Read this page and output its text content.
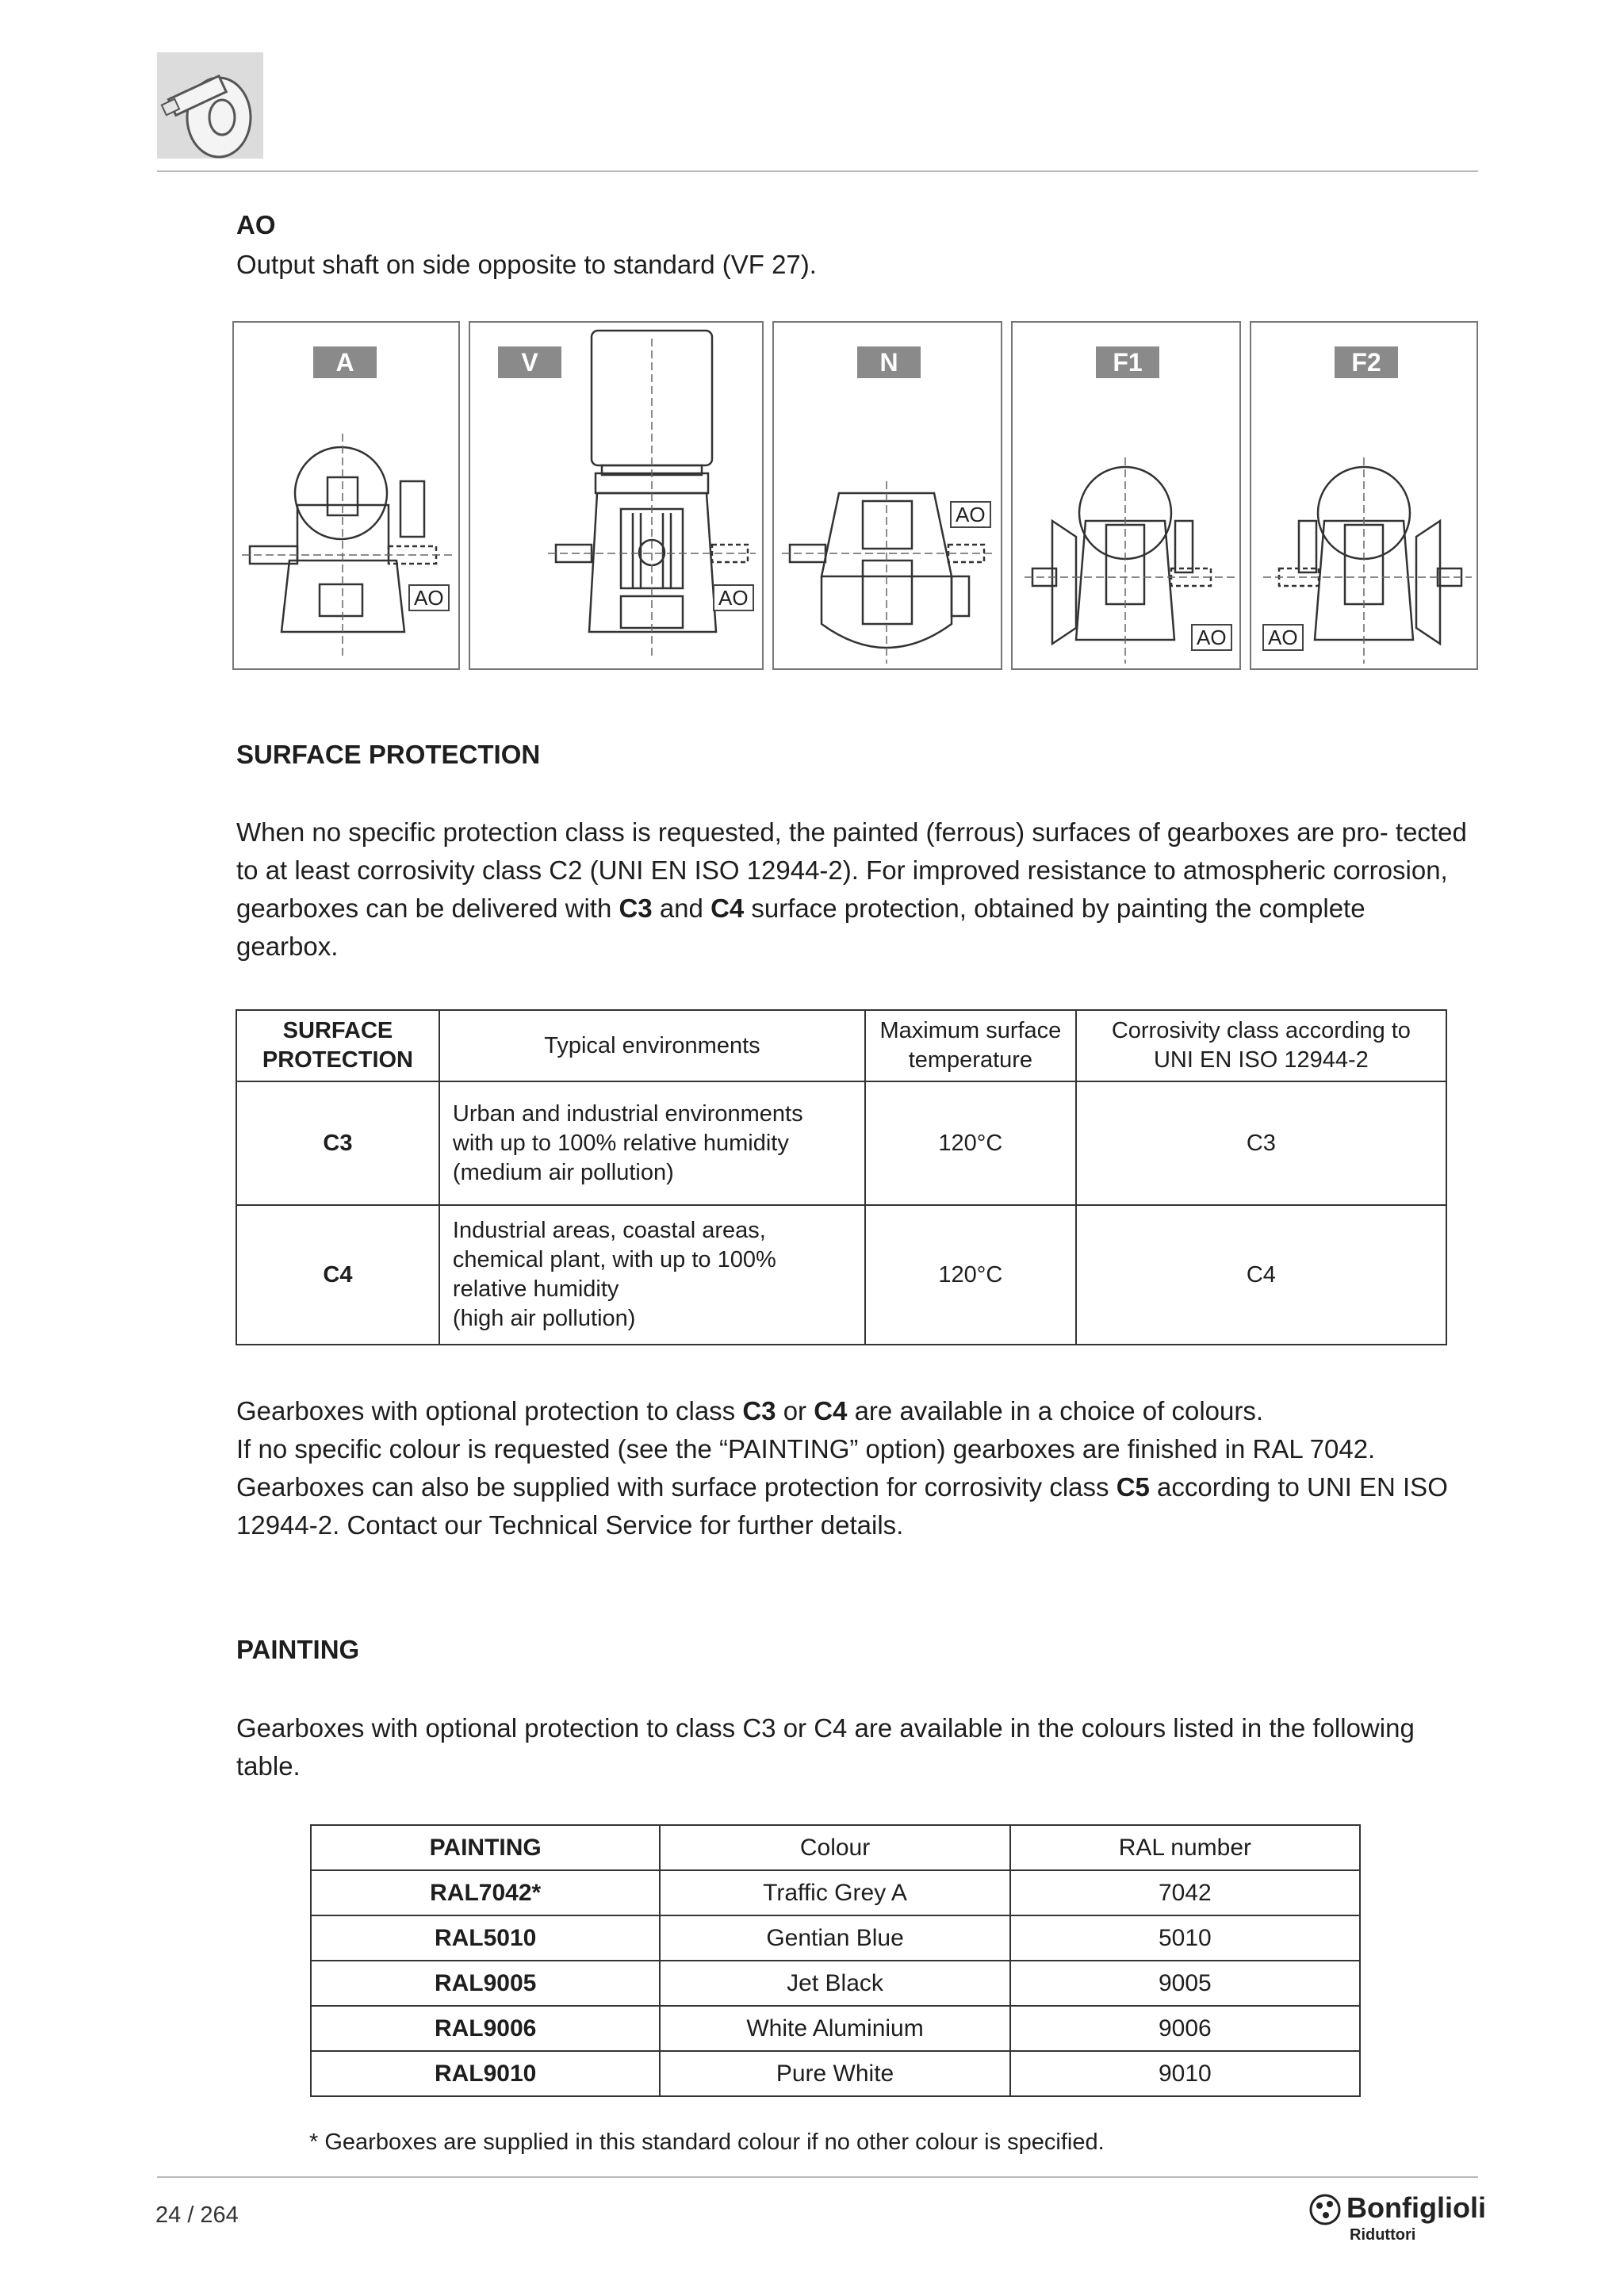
AO
Output shaft on side opposite to standard (VF 27).
A
AO
V
AO
N
AO
F1
AO
F2
AO
SURFACE PROTECTION
When no specific protection class is requested, the painted (ferrous) surfaces of gearboxes are pro- tected to at least corrosivity class C2 (UNI EN ISO 12944-2). For improved resistance to atmospheric corrosion, gearboxes can be delivered with C3 and C4 surface protection, obtained by painting the complete gearbox.
SURFACE PROTECTION	Typical environments	Maximum surface temperature	Corrosivity class according to UNI EN ISO 12944-2
C3	Urban and industrial environments
with up to 100% relative humidity
(medium air pollution)	120°C	C3
C4	Industrial areas, coastal areas,
chemical plant, with up to 100%
relative humidity
(high air pollution)	120°C	C4
Gearboxes with optional protection to class C3 or C4 are available in a choice of colours.
If no specific colour is requested (see the “PAINTING” option) gearboxes are finished in RAL 7042.
Gearboxes can also be supplied with surface protection for corrosivity class C5 according to UNI EN ISO 12944-2. Contact our Technical Service for further details.
PAINTING
Gearboxes with optional protection to class C3 or C4 are available in the colours listed in the following table.
PAINTING	Colour	RAL number
RAL7042*	Traffic Grey A	7042
RAL5010	Gentian Blue	5010
RAL9005	Jet Black	9005
RAL9006	White Aluminium	9006
RAL9010	Pure White	9010
* Gearboxes are supplied in this standard colour if no other colour is specified.
24 / 264	Bonfiglioli
Riduttori
